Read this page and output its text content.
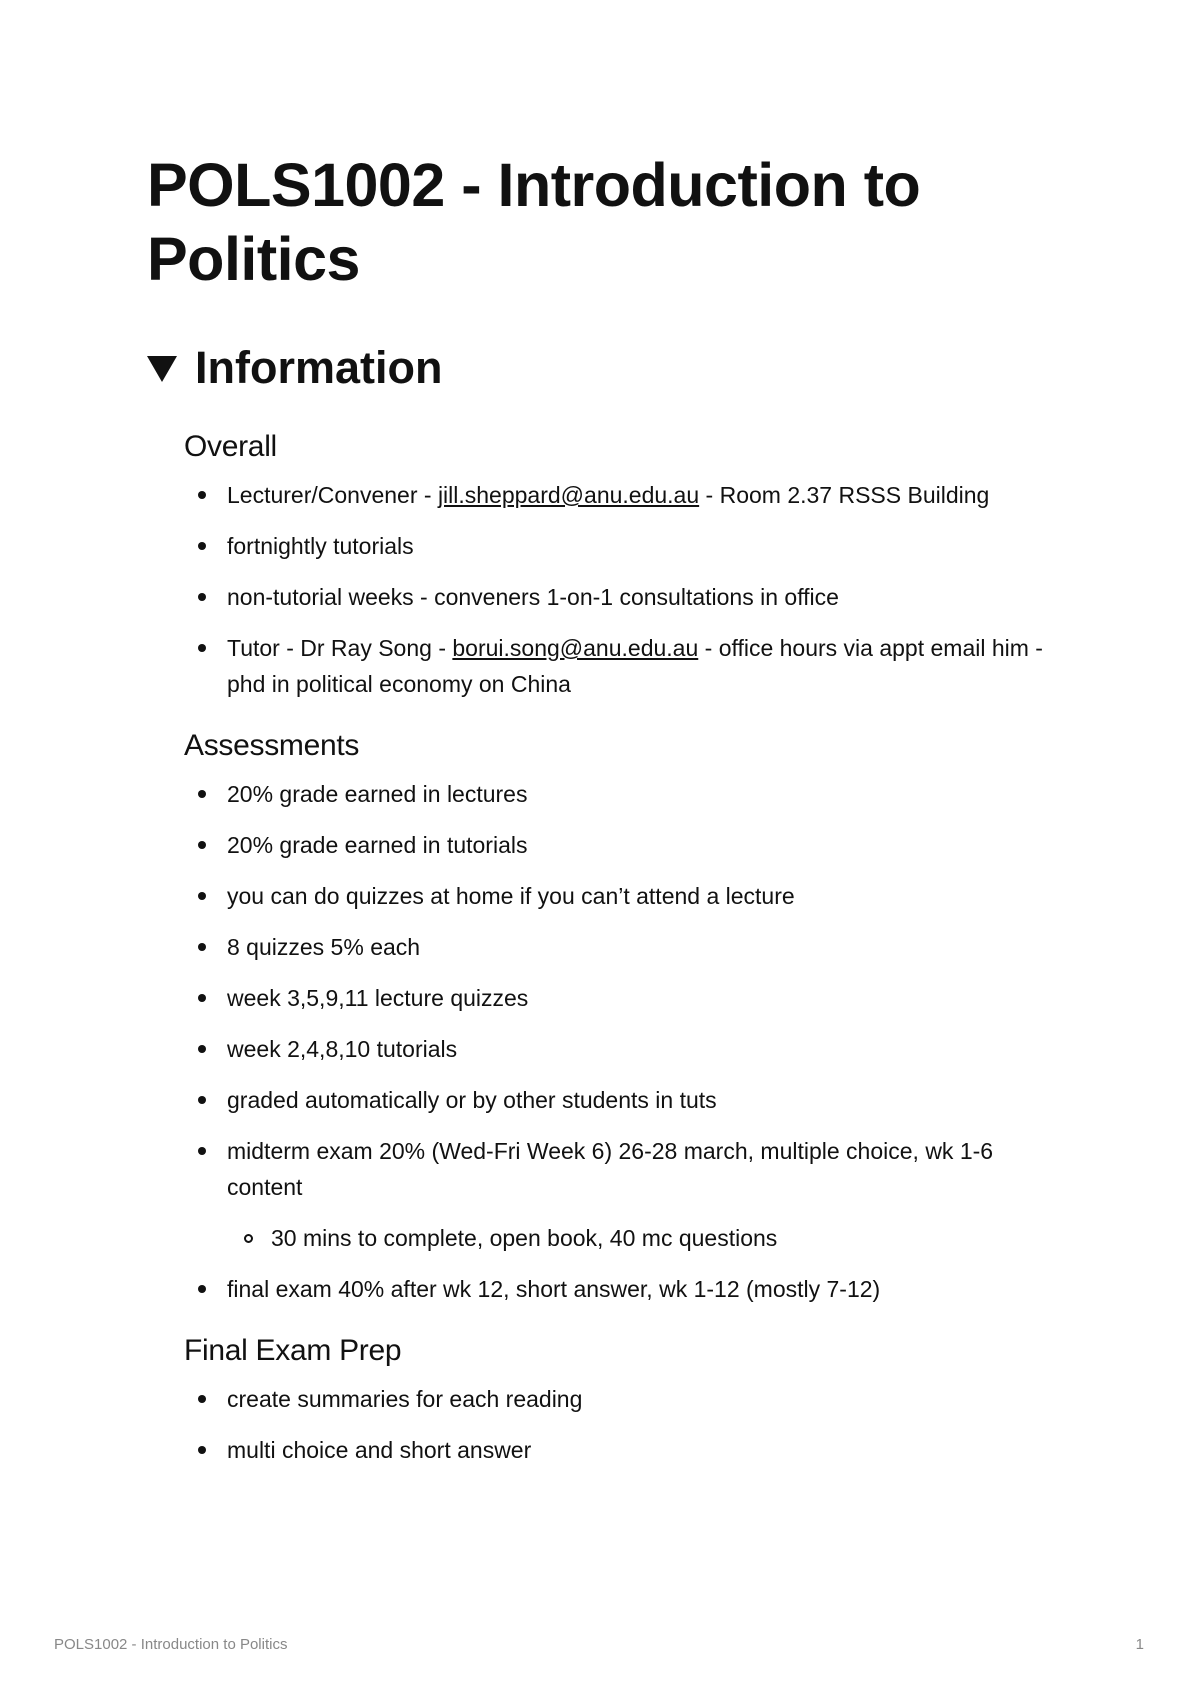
POLS1002 - Introduction to Politics
Information
Overall
Lecturer/Convener - jill.sheppard@anu.edu.au - Room 2.37 RSSS Building
fortnightly tutorials
non-tutorial weeks - conveners 1-on-1 consultations in office
Tutor - Dr Ray Song - borui.song@anu.edu.au - office hours via appt email him - phd in political economy on China
Assessments
20% grade earned in lectures
20% grade earned in tutorials
you can do quizzes at home if you can’t attend a lecture
8 quizzes 5% each
week 3,5,9,11 lecture quizzes
week 2,4,8,10 tutorials
graded automatically or by other students in tuts
midterm exam 20% (Wed-Fri Week 6) 26-28 march, multiple choice, wk 1-6 content
30 mins to complete, open book, 40 mc questions
final exam 40% after wk 12, short answer, wk 1-12 (mostly 7-12)
Final Exam Prep
create summaries for each reading
multi choice and short answer
POLS1002 - Introduction to Politics	1
